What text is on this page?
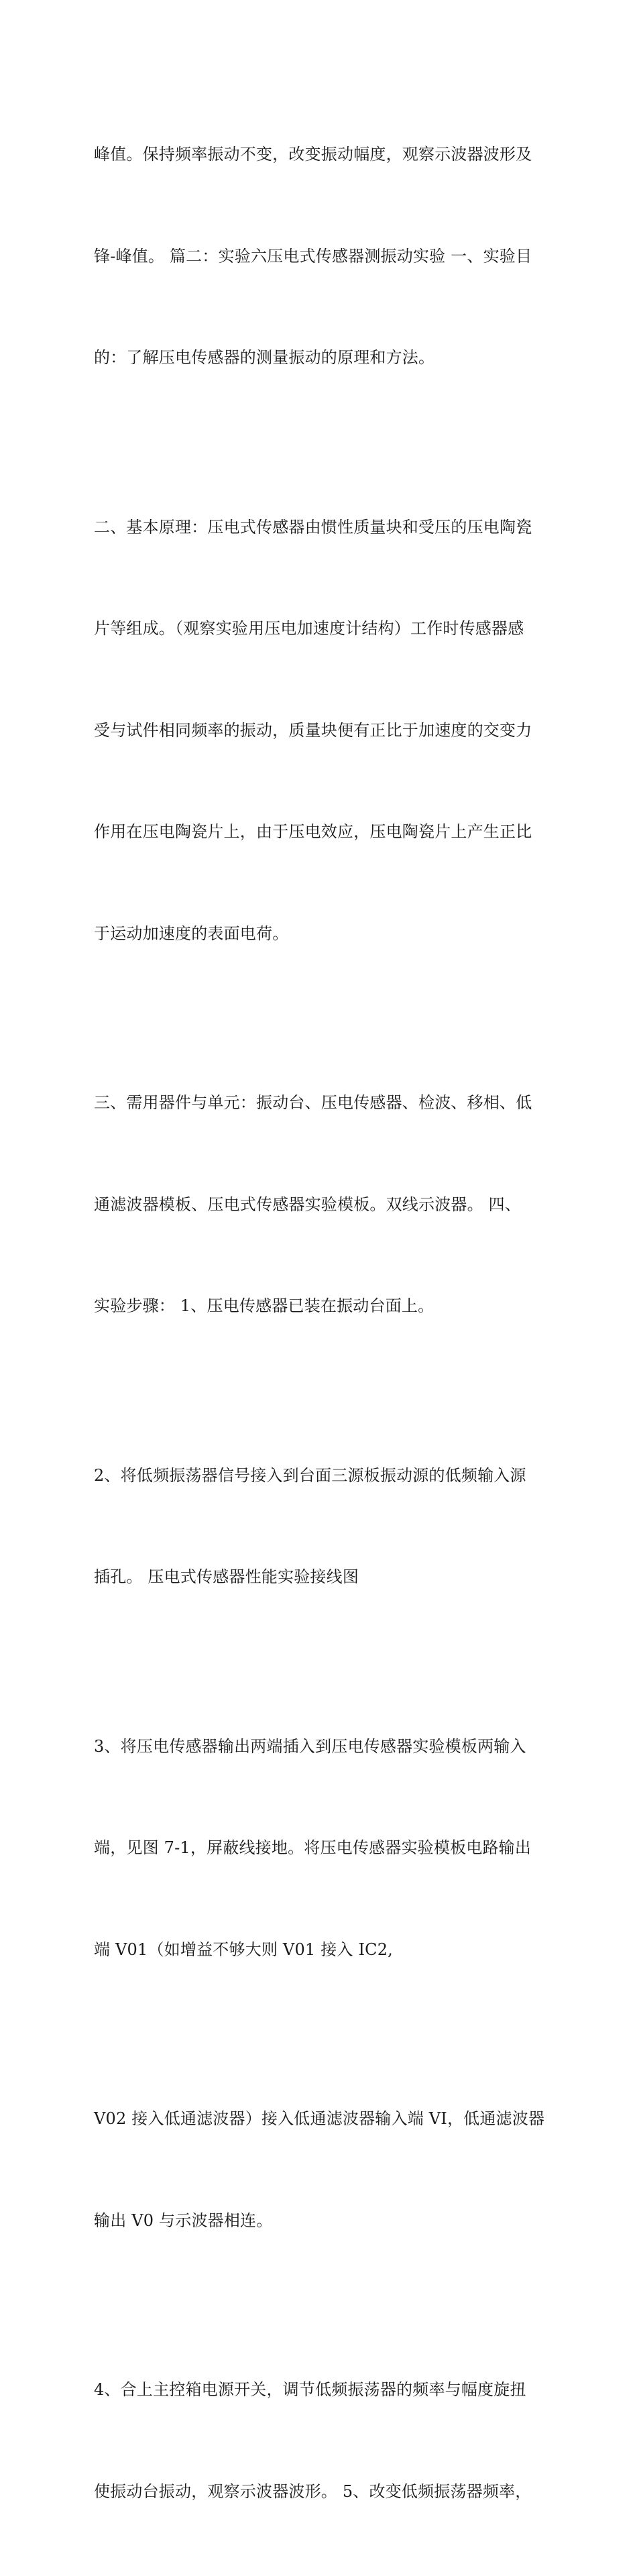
峰值。保持频率振动不变，改变振动幅度，观察示波器波形及

锋-峰值。 篇二：实验六压电式传感器测振动实验 一、实验目

的：了解压电传感器的测量振动的原理和方法。

二、基本原理：压电式传感器由惯性质量块和受压的压电陶瓷

片等组成。（观察实验用压电加速度计结构）工作时传感器感

受与试件相同频率的振动，质量块便有正比于加速度的交变力

作用在压电陶瓷片上，由于压电效应，压电陶瓷片上产生正比

于运动加速度的表面电荷。

三、需用器件与单元：振动台、压电传感器、检波、移相、低

通滤波器模板、压电式传感器实验模板。双线示波器。 四、

实验步骤： 1、压电传感器已装在振动台面上。

2、将低频振荡器信号接入到台面三源板振动源的低频输入源

插孔。 压电式传感器性能实验接线图

3、将压电传感器输出两端插入到压电传感器实验模板两输入

端，见图 7-1，屏蔽线接地。将压电传感器实验模板电路输出

端 V01（如增益不够大则 V01 接入 IC2,

V02 接入低通滤波器）接入低通滤波器输入端 VI，低通滤波器

输出 V0 与示波器相连。

4、合上主控箱电源开关，调节低频振荡器的频率与幅度旋扭

使振动台振动，观察示波器波形。 5、改变低频振荡器频率，
